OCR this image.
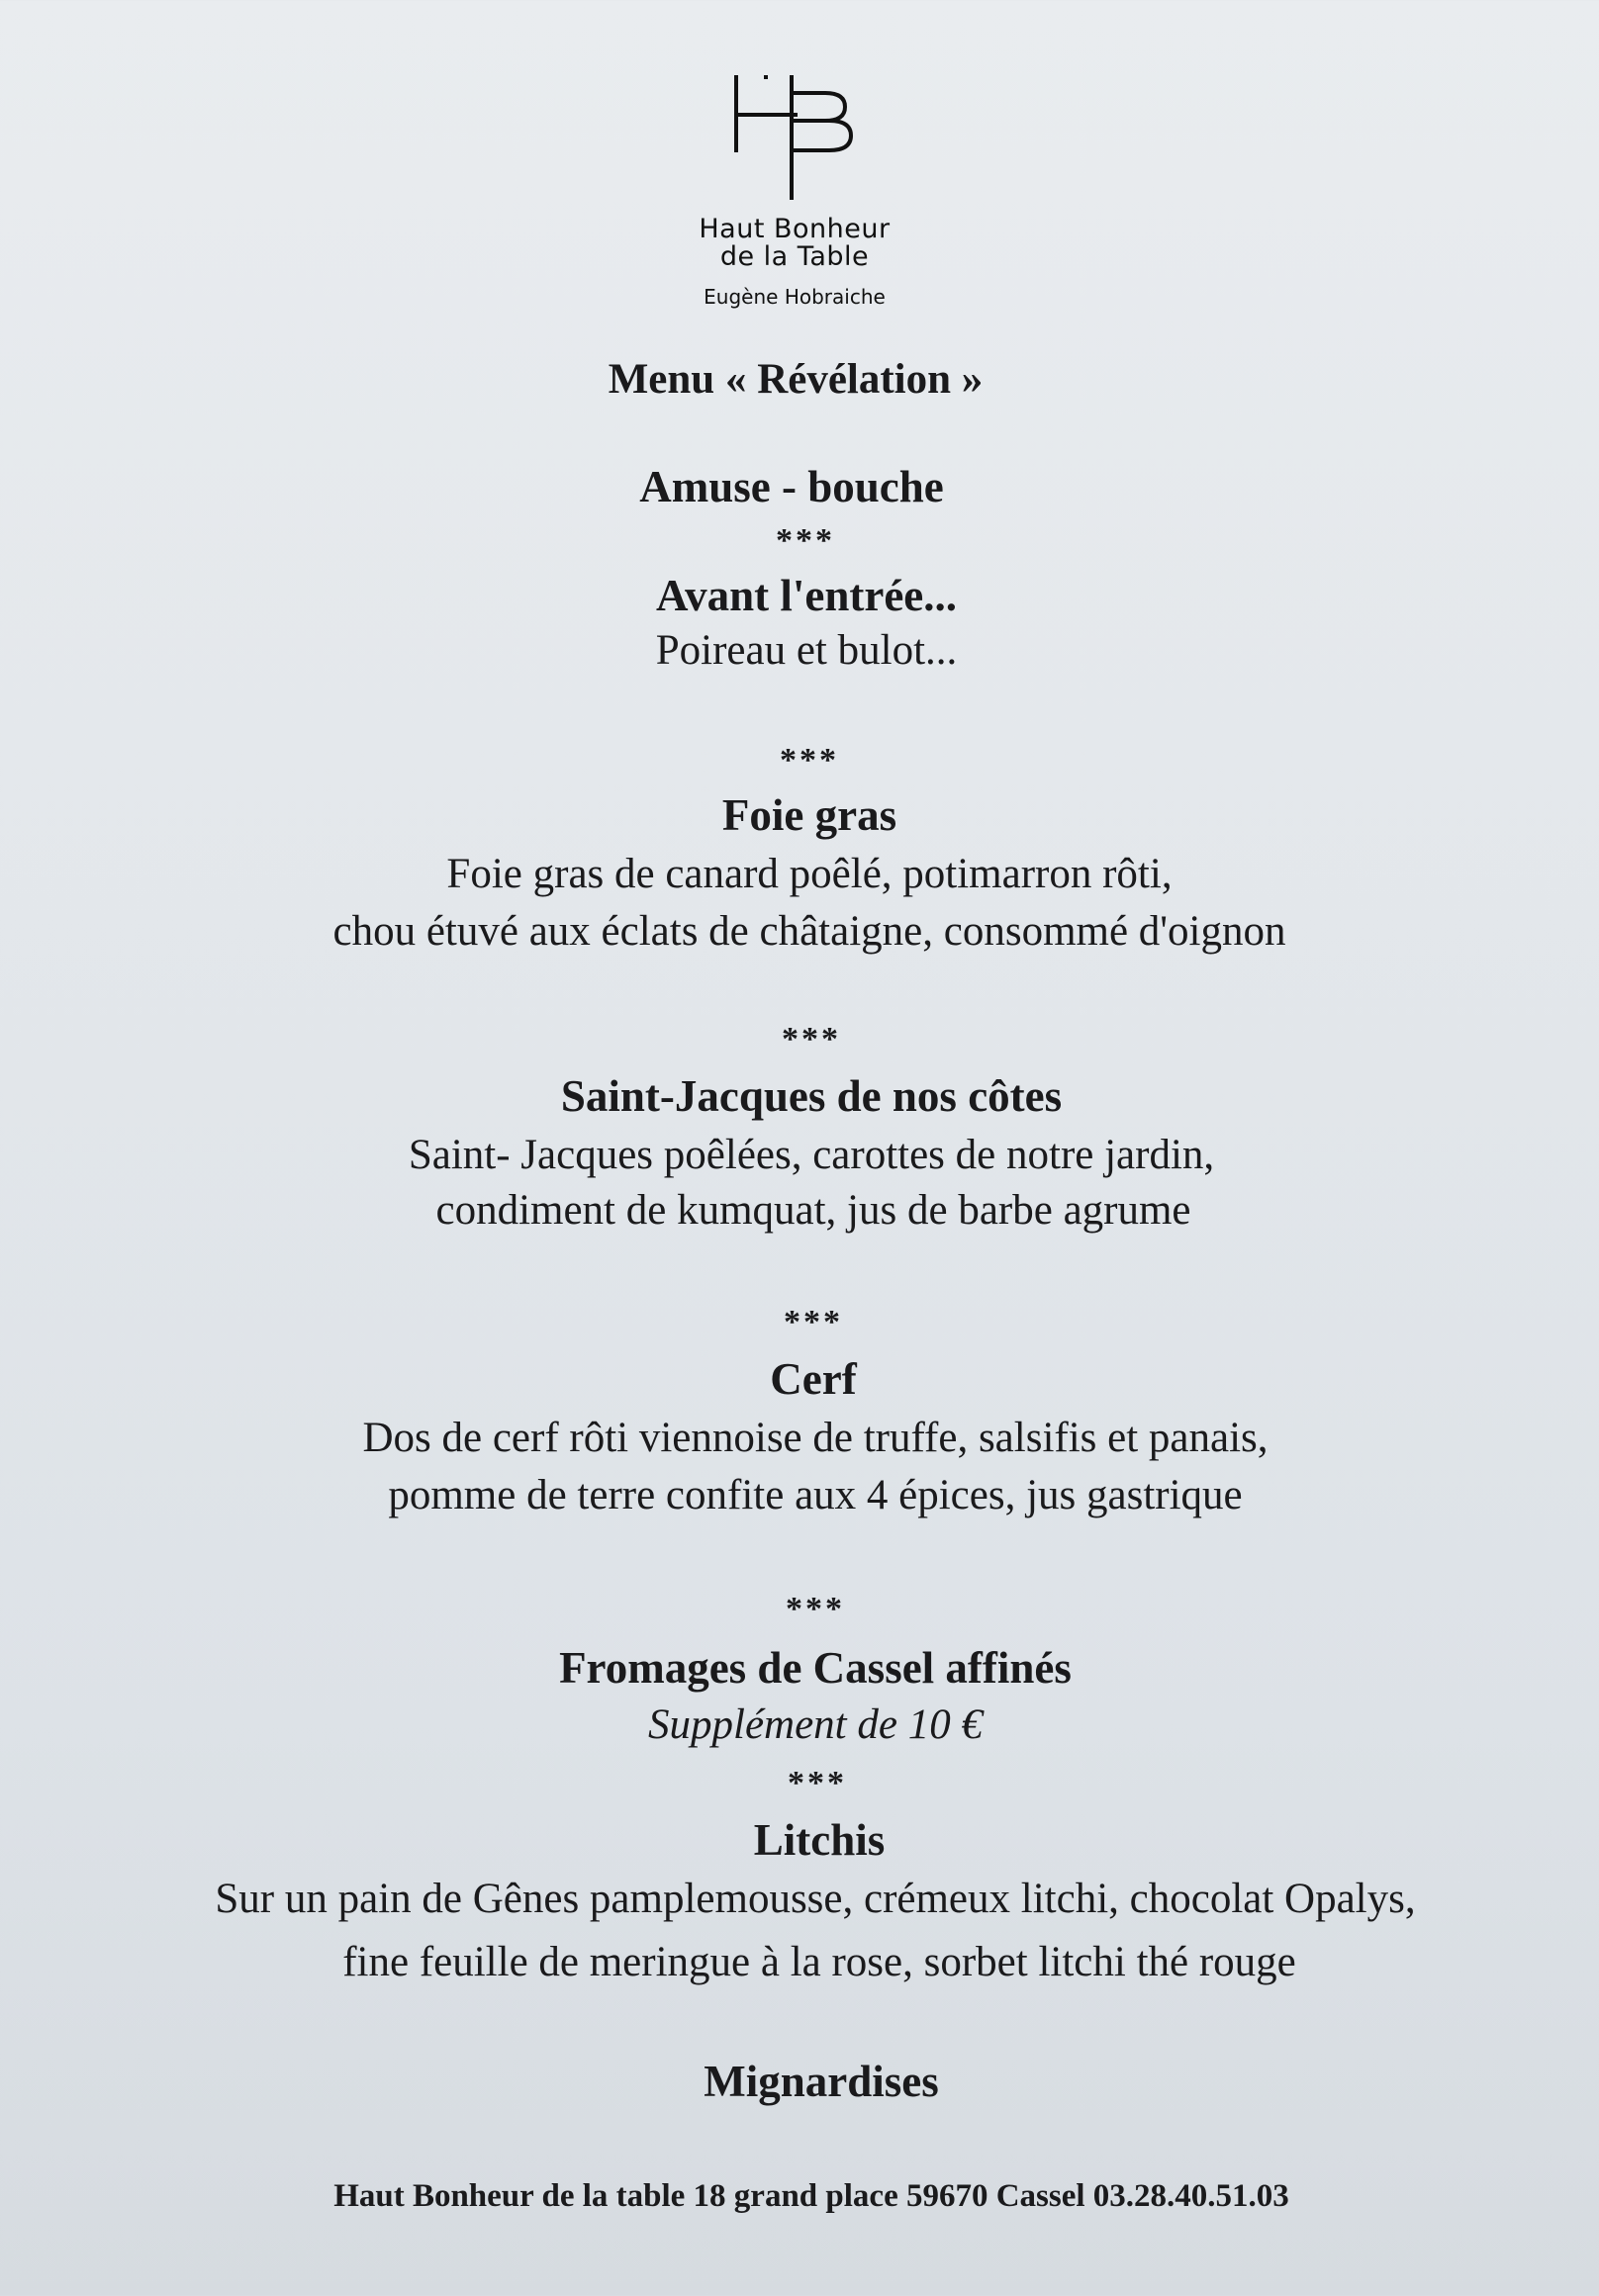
Haut Bonheur
de la Table
Eugène Hobraiche
Menu « Révélation »
Amuse - bouche
***
Avant l'entrée...
Poireau et bulot...
***
Foie gras
Foie gras de canard poêlé, potimarron rôti,
chou étuvé aux éclats de châtaigne, consommé d'oignon
***
Saint-Jacques de nos côtes
Saint- Jacques poêlées, carottes de notre jardin,
condiment de kumquat, jus de barbe agrume
***
Cerf
Dos de cerf rôti viennoise de truffe, salsifis et panais,
pomme de terre confite aux 4 épices, jus gastrique
***
Fromages de Cassel affinés
Supplément de 10 €
***
Litchis
Sur un pain de Gênes pamplemousse, crémeux litchi, chocolat Opalys,
fine feuille de meringue à la rose, sorbet litchi thé rouge
Mignardises
Haut Bonheur de la table 18 grand place 59670 Cassel 03.28.40.51.03
